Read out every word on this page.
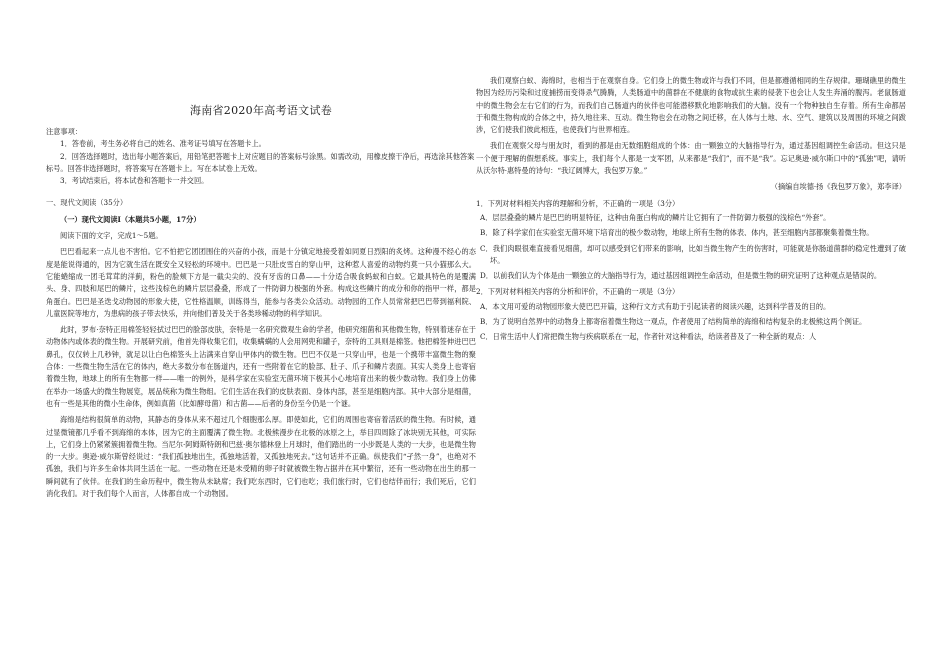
海南省2020年高考语文试卷

注意事项：

1．答卷前，考生务必将自己的姓名、准考证号填写在答题卡上。

2．回答选择题时，选出每小题答案后，用铅笔把答题卡上对应题目的答案标号涂黑。如需改动，用橡皮擦干净后，再选涂其他答案标号。回答非选择题时，将答案写在答题卡上。写在本试卷上无效。

3．考试结束后，将本试卷和答题卡一并交回。

一、现代文阅读（35分）

（一）现代文阅读Ⅰ（本题共5小题，17分）

阅读下面的文字，完成1～5题。

巴巴看起来一点儿也不害怕。它不怕把它团团围住的兴奋的小孩，而是十分镇定地接受着如同夏日烈阳的炙烤。这种漫不经心的态度是能说得通的，因为它就生活在既安全又轻松的环境中。巴巴是一只肚皮雪白的穿山甲，这种惹人喜爱的动物约莫一只小猫那么大。它能蜷缩成一团毛茸茸的洋蓟，粉色的脸颊下方是一截尖尖的、没有牙齿的口鼻——十分适合吸食蚂蚁和白蚁。它最具特色的是覆满头、身、四肢和尾巴的鳞片，这些浅棕色的鳞片层层叠叠，形成了一件防御力极强的外套。构成这些鳞片的成分和你的指甲一样，都是角蛋白。巴巴是圣迭戈动物园的形象大使，它性格温顺，训练得当，能参与各类公众活动。动物园的工作人员常常把巴巴带到福利院、儿童医院等地方，为患病的孩子带去快乐，并向他们普及关于各类珍稀动物的科学知识。

此时，罗布·奈特正用棉签轻轻拭过巴巴的脸部皮肤，奈特是一名研究微观生命的学者，他研究细菌和其他微生物，特别着迷存在于动物体内或体表的微生物。开展研究前，他首先得收集它们，收集螨螨的人会用网兜和罐子，奈特的工具则是棉签。他把棉签伸进巴巴鼻孔，仅仅转上几秒钟，就足以让白色棉签头上沾满来自穿山甲体内的微生物。巴巴不仅是一只穿山甲，也是一个携带丰富微生物的聚合体：一些微生物生活在它的体内，绝大多数分布在肠道内，还有一些附着在它的脸部、肚子、爪子和鳞片表面。其实人类身上也寄宿着微生物，地球上的所有生物都一样——唯一的例外，是科学家在实验室无菌环境下极其小心地培育出来的极少数动物。我们身上仿佛在举办一场盛大的微生物展览，展品统称为微生物组。它们生活在我们的皮肤表面、身体内部，甚至是细胞内部。其中大部分是细菌，也有一些是其他的微小生命体，例如真菌（比如酵母菌）和古菌——后者的身份至今仍是一个谜。

海绵是结构很简单的动物，其静态的身体从来不超过几个细胞那么厚。即使如此，它们的周围也寄宿着活跃的微生物。有时候，通过显微镜都几乎看不到海绵的本体，因为它的主面覆满了微生物。北极熊漫步在北极的冰原之上，举目四周除了冰块别无其他，可实际上，它们身上仍紧紧簇拥着微生物。当尼尔·阿姆斯特朗和巴兹·奥尔德林登上月球时，他们踏出的一小步既是人类的一大步，也是微生物的一大步。奥逊·威尔斯曾经说过：“我们孤独地出生，孤独地活着，又孤独地死去。”这句话并不正确。纵使我们“孑然一身”，也绝对不孤独，我们与许多生命体共同生活在一起。一些动物在还是未受精的卵子时就被微生物占据并在其中繁衍，还有一些动物在出生的那一瞬间就有了伙伴。在我们的生命历程中，微生物从未缺席；我们吃东西时，它们也吃；我们旅行时，它们也结伴而行；我们死后，它们消化我们。对于我们每个人而言，人体都自成一个动物园。

我们观察白蚁、海绵时，也相当于在观察自身。它们身上的微生物或许与我们不同，但是都遵循相同的生存规律。珊瑚礁里的微生物因为经历污染和过度捕捞而变得杀气腾腾，人类肠道中的菌群在不健康的食物或抗生素的侵袭下也会让人发生奔涌的腹泻。老鼠肠道中的微生物会左右它们的行为，而我们自己肠道内的伙伴也可能潜移默化地影响我们的大脑。没有一个物种独自生存着。所有生命都居于和微生物构成的合体之中，持久地往来、互动。微生物也会在动物之间迁移，在人体与土地、水、空气、建筑以及周围的环境之间跋涉，它们使我们彼此相连，也使我们与世界相连。

我们在观察父母与朋友时，看到的都是由无数细胞组成的个体：由一颗独立的大脑指导行为，通过基因组调控生命活动。但这只是一个便于理解的假想系统。事实上，我们每个人都是一支军团，从来都是“我们”，而不是“我”。忘记奥逊·威尔斯口中的“孤独”吧，请听从沃尔特·惠特曼的诗句：“我辽阔博大，我包罗万象。”

（摘编自埃德·扬《我包罗万象》，郑李译）

1．下列对材料相关内容的理解和分析，不正确的一项是（3分）

A．层层叠叠的鳞片是巴巴的明显特征，这种由角蛋白构成的鳞片让它拥有了一件防御力极强的浅棕色“外套”。

B．除了科学家们在实验室无菌环境下培育出的极少数动物，地球上所有生物的体表、体内，甚至细胞内部都聚集着微生物。

C．我们肉眼很难直接看见细菌，却可以感受到它们带来的影响，比如当微生物产生的伤害时，可能就是你肠道菌群的稳定性遭到了破坏。

D．以前我们认为个体是由一颗独立的大脑指导行为，通过基因组调控生命活动，但是微生物的研究证明了这种观点是错误的。

2．下列对材料相关内容的分析和评价，不正确的一项是（3分）

A．本文用可爱的动物园形象大使巴巴开篇，这种行文方式有助于引起读者的阅读兴趣，达到科学普及的目的。

B．为了说明自然界中的动物身上都寄宿着微生物这一观点，作者使用了结构简单的海绵和结构复杂的北极熊这两个例证。

C．日常生活中人们常把微生物与疾病联系在一起，作者针对这种看法，给读者普及了一种全新的观点：人
